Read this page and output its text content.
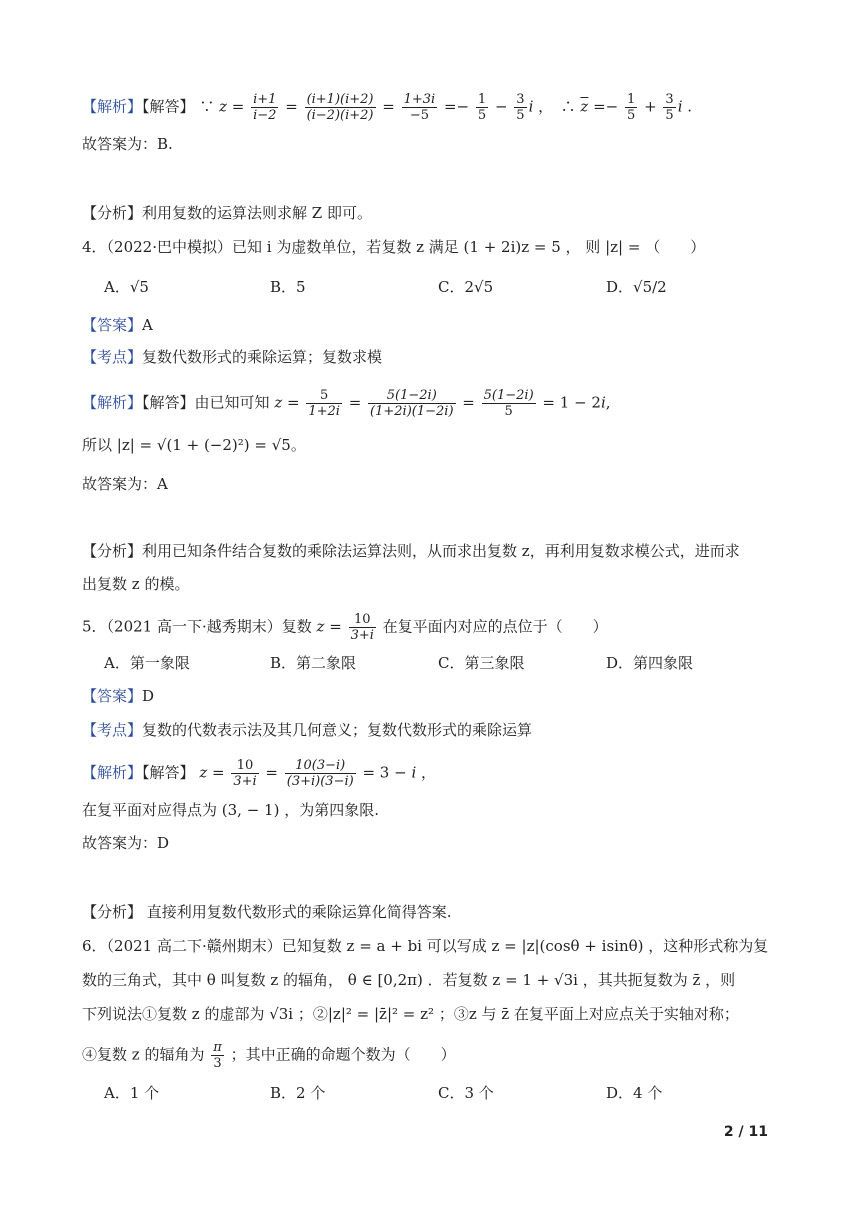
【解析】【解答】 ∵ $z = \frac{i+1}{i-2} = \frac{(i+1)(i+2)}{(i-2)(i+2)} = \frac{1+3i}{-5} =- \frac{1}{5} - \frac{3}{5}$ i ，　∴ $\overline{z} =- \frac{1}{5} + \frac{3}{5}$ i .
故答案为：B.
【分析】利用复数的运算法则求解 Z 即可。
4．（2022·巴中模拟）已知 i 为虚数单位，若复数 z 满足 (1 + 2i)z = 5 ， 则 |z| = （　　）
A．√5	B．5	C．2√5	D．√5/2
【答案】A
【考点】复数代数形式的乘除运算；复数求模
【解析】【解答】由已知可知 $z = \frac{5}{1+2i} = \frac{5(1-2i)}{(1+2i)(1-2i)} = \frac{5(1-2i)}{5} = 1 - 2i$,
所以 |z| = √(1 + (−2)²) = √5。
故答案为：A
【分析】利用已知条件结合复数的乘除法运算法则，从而求出复数 z，再利用复数求模公式，进而求
出复数 z 的模。
5．（2021 高一下·越秀期末）复数 $z = \frac{10}{3+i}$ 在复平面内对应的点位于（　　）
A．第一象限	B．第二象限	C．第三象限	D．第四象限
【答案】D
【考点】复数的代数表示法及其几何意义；复数代数形式的乘除运算
【解析】【解答】 $z = \frac{10}{3+i} = \frac{10(3-i)}{(3+i)(3-i)} = 3 - i$ ，
在复平面对应得点为 (3, − 1) ，为第四象限.
故答案为：D
【分析】 直接利用复数代数形式的乘除运算化简得答案.
6．（2021 高二下·赣州期末）已知复数 z = a + bi 可以写成 z = |z|(cosθ + isinθ) ，这种形式称为复
数的三角式，其中 θ 叫复数 z 的辐角， θ ∈ [0,2π) ．若复数 z = 1 + √3i ，其共扼复数为 z̄ ，则
下列说法①复数 z 的虚部为 √3i ；②|z|² = |z̄|² = z² ；③z 与 z̄ 在复平面上对应点关于实轴对称；
④复数 z 的辐角为 $\frac{\pi}{3}$ ；其中正确的命题个数为（　　）
A．1 个	B．2 个	C．3 个	D．4 个
2 / 11
